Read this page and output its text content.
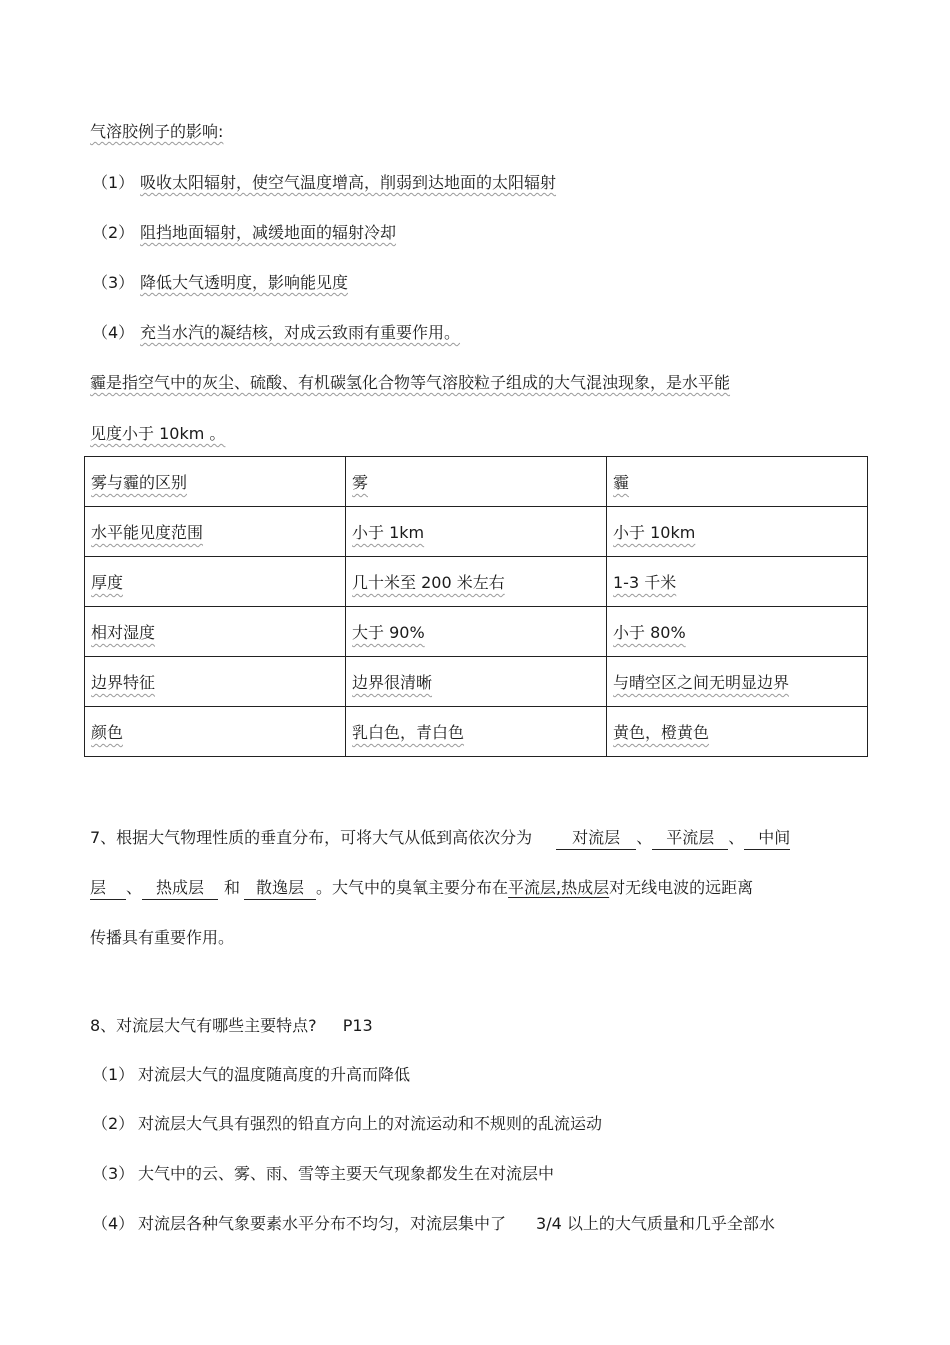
气溶胶例子的影响:
（1） 吸收太阳辐射，使空气温度增高，削弱到达地面的太阳辐射
（2） 阻挡地面辐射，减缓地面的辐射冷却
（3） 降低大气透明度，影响能见度
（4） 充当水汽的凝结核，对成云致雨有重要作用。
霾是指空气中的灰尘、硫酸、有机碳氢化合物等气溶胶粒子组成的大气混浊现象，是水平能
见度小于 10km 。
雾与霾的区别	雾	霾
水平能见度范围	小于 1km	小于 10km
厚度	几十米至 200 米左右	1-3 千米
相对湿度	大于 90%	小于 80%
边界特征	边界很清晰	与晴空区之间无明显边界
颜色	乳白色，青白色	黄色，橙黄色
7、根据大气物理性质的垂直分布，可将大气从低到高依次分为 对流层 、 平流层 、 中间
层 、 热成层 和 散逸层 。大气中的臭氧主要分布在平流层,热成层对无线电波的远距离
传播具有重要作用。
8、对流层大气有哪些主要特点? P13
（1） 对流层大气的温度随高度的升高而降低
（2） 对流层大气具有强烈的铅直方向上的对流运动和不规则的乱流运动
（3） 大气中的云、雾、雨、雪等主要天气现象都发生在对流层中
（4） 对流层各种气象要素水平分布不均匀，对流层集中了 3/4 以上的大气质量和几乎全部水
